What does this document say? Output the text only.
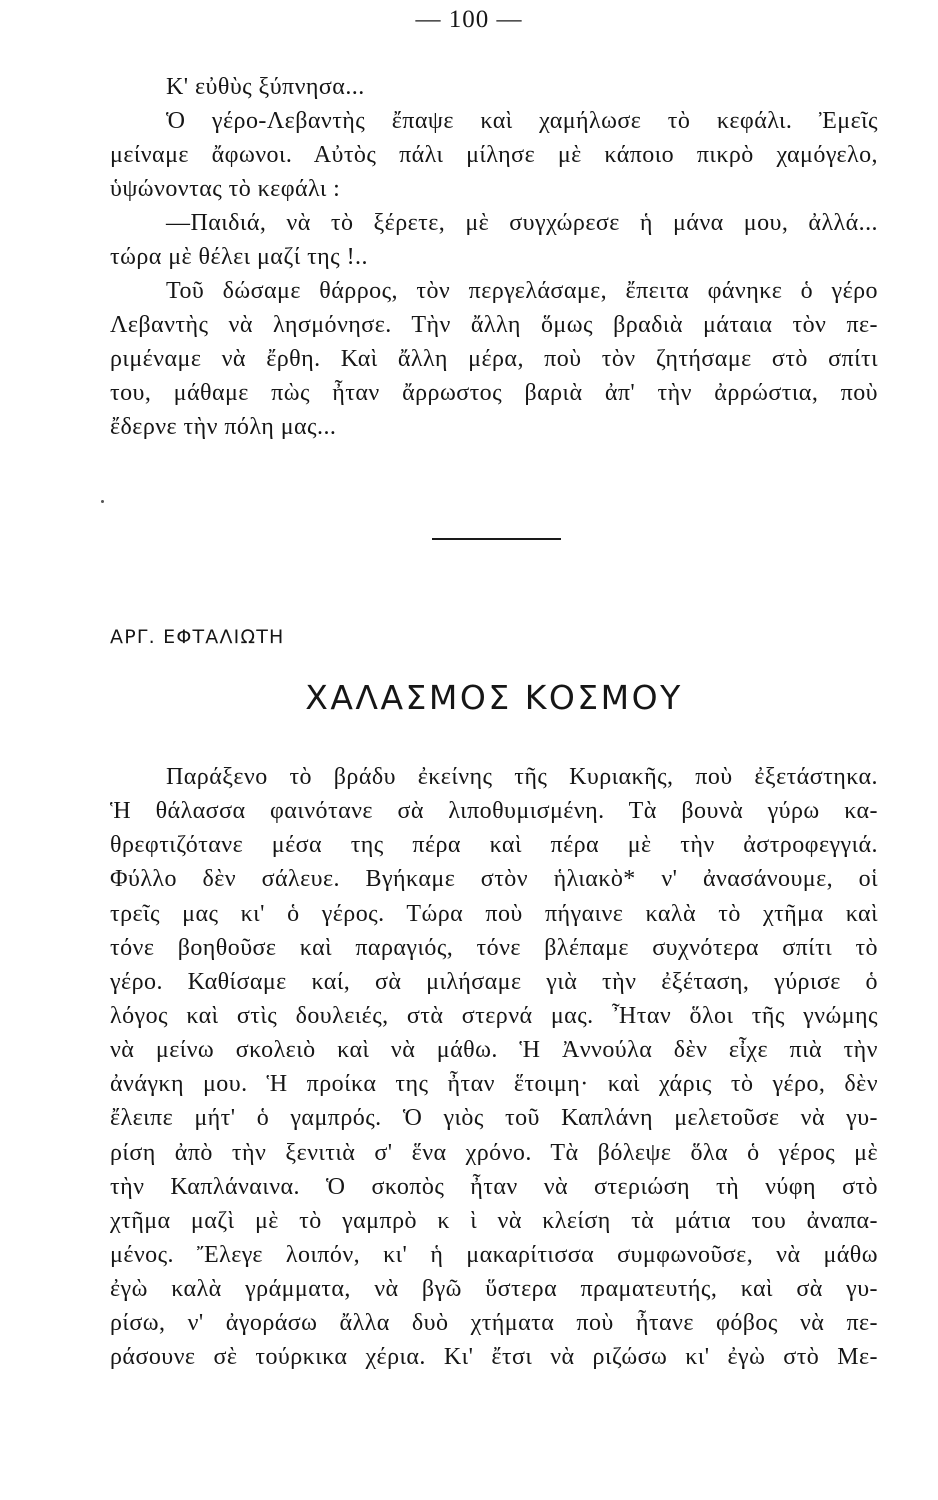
— 100 —
Κ' εὐθὺς ξύπνησα...
Ὁ γέρο-Λεβαντὴς ἔπαψε καὶ χαμήλωσε τὸ κεφάλι. Ἐμεῖς
μείναμε ἄφωνοι. Αὐτὸς πάλι μίλησε μὲ κάποιο πικρὸ χαμόγελο,
ὑψώνοντας τὸ κεφάλι :
—Παιδιά, νὰ τὸ ξέρετε, μὲ συγχώρεσε ἡ μάνα μου, ἀλλά...
τώρα μὲ θέλει μαζί της !..
Τοῦ δώσαμε θάρρος, τὸν περγελάσαμε, ἔπειτα φάνηκε ὁ γέρο
Λεβαντὴς νὰ λησμόνησε. Τὴν ἄλλη ὅμως βραδιὰ μάταια τὸν πε-
ριμέναμε νὰ ἔρθη. Καὶ ἄλλη μέρα, ποὺ τὸν ζητήσαμε στὸ σπίτι
του, μάθαμε πὼς ἦταν ἄρρωστος βαριὰ ἀπ' τὴν ἀρρώστια, ποὺ
ἔδερνε τὴν πόλη μας...
ΑΡΓ. ΕΦΤΑΛΙΩΤΗ
ΧΑΛΑΣΜΟΣ ΚΟΣΜΟΥ
Παράξενο τὸ βράδυ ἐκείνης τῆς Κυριακῆς, ποὺ ἐξετάστηκα.
Ἡ θάλασσα φαινότανε σὰ λιποθυμισμένη. Τὰ βουνὰ γύρω κα-
θρεφτιζότανε μέσα της πέρα καὶ πέρα μὲ τὴν ἀστροφεγγιά.
Φύλλο δὲν σάλευε. Βγήκαμε στὸν ἡλιακὸ* ν' ἀνασάνουμε, οἱ
τρεῖς μας κι' ὁ γέρος. Τώρα ποὺ πήγαινε καλὰ τὸ χτῆμα καὶ
τόνε βοηθοῦσε καὶ παραγιός, τόνε βλέπαμε συχνότερα σπίτι τὸ
γέρο. Καθίσαμε καί, σὰ μιλήσαμε γιὰ τὴν ἐξέταση, γύρισε ὁ
λόγος καὶ στὶς δουλειές, στὰ στερνά μας. Ἦταν ὅλοι τῆς γνώμης
νὰ μείνω σκολειὸ καὶ νὰ μάθω. Ἡ Ἀννούλα δὲν εἶχε πιὰ τὴν
ἀνάγκη μου. Ἡ προίκα της ἦταν ἕτοιμη· καὶ χάρις τὸ γέρο, δὲν
ἔλειπε μήτ' ὁ γαμπρός. Ὁ γιὸς τοῦ Καπλάνη μελετοῦσε νὰ γυ-
ρίση ἀπὸ τὴν ξενιτιὰ σ' ἕνα χρόνο. Τὰ βόλεψε ὅλα ὁ γέρος μὲ
τὴν Καπλάναινα. Ὁ σκοπὸς ἦταν νὰ στεριώση τὴ νύφη στὸ
χτῆμα μαζὶ μὲ τὸ γαμπρὸ κ ὶ νὰ κλείση τὰ μάτια του ἀναπα-
μένος. Ἔλεγε λοιπόν, κι' ἡ μακαρίτισσα συμφωνοῦσε, νὰ μάθω
ἐγὼ καλὰ γράμματα, νὰ βγῶ ὕστερα πραματευτής, καὶ σὰ γυ-
ρίσω, ν' ἀγοράσω ἄλλα δυὸ χτήματα ποὺ ἦτανε φόβος νὰ πε-
ράσουνε σὲ τούρκικα χέρια. Κι' ἔτσι νὰ ριζώσω κι' ἐγὼ στὸ Με-
